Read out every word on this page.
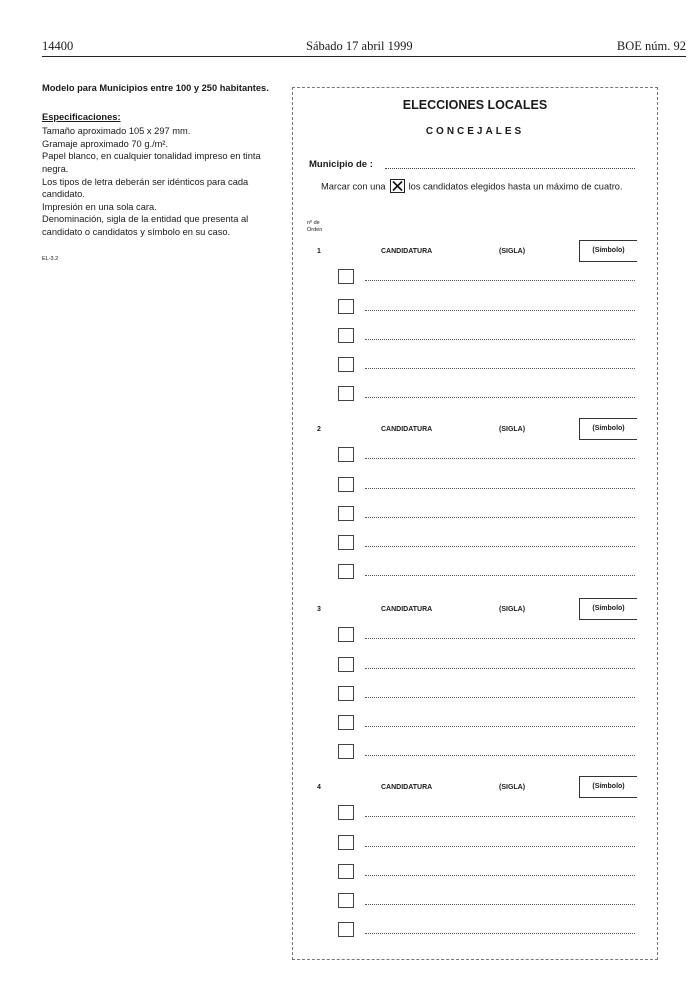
14400	Sábado 17 abril 1999	BOE núm. 92

Modelo para Municipios entre 100 y 250 habitantes.

Especificaciones:

Tamaño aproximado 105 x 297 mm.

Gramaje aproximado 70 g./m².

Papel blanco, en cualquier tonalidad impreso en tinta negra.

Los tipos de letra deberán ser idénticos para cada candidato.

Impresión en una sola cara.

Denominación, sigla de la entidad que presenta al candidato o candidatos y símbolo en su caso.

EL-3.2

ELECCIONES LOCALES
CONCEJALES
Municipio de :
Marcar con una los candidatos elegidos hasta un máximo de cuatro.
nº de
Orden
1	CANDIDATURA	(SIGLA)	(Símbolo)
2	CANDIDATURA	(SIGLA)	(Símbolo)
3	CANDIDATURA	(SIGLA)	(Símbolo)
4	CANDIDATURA	(SIGLA)	(Símbolo)
